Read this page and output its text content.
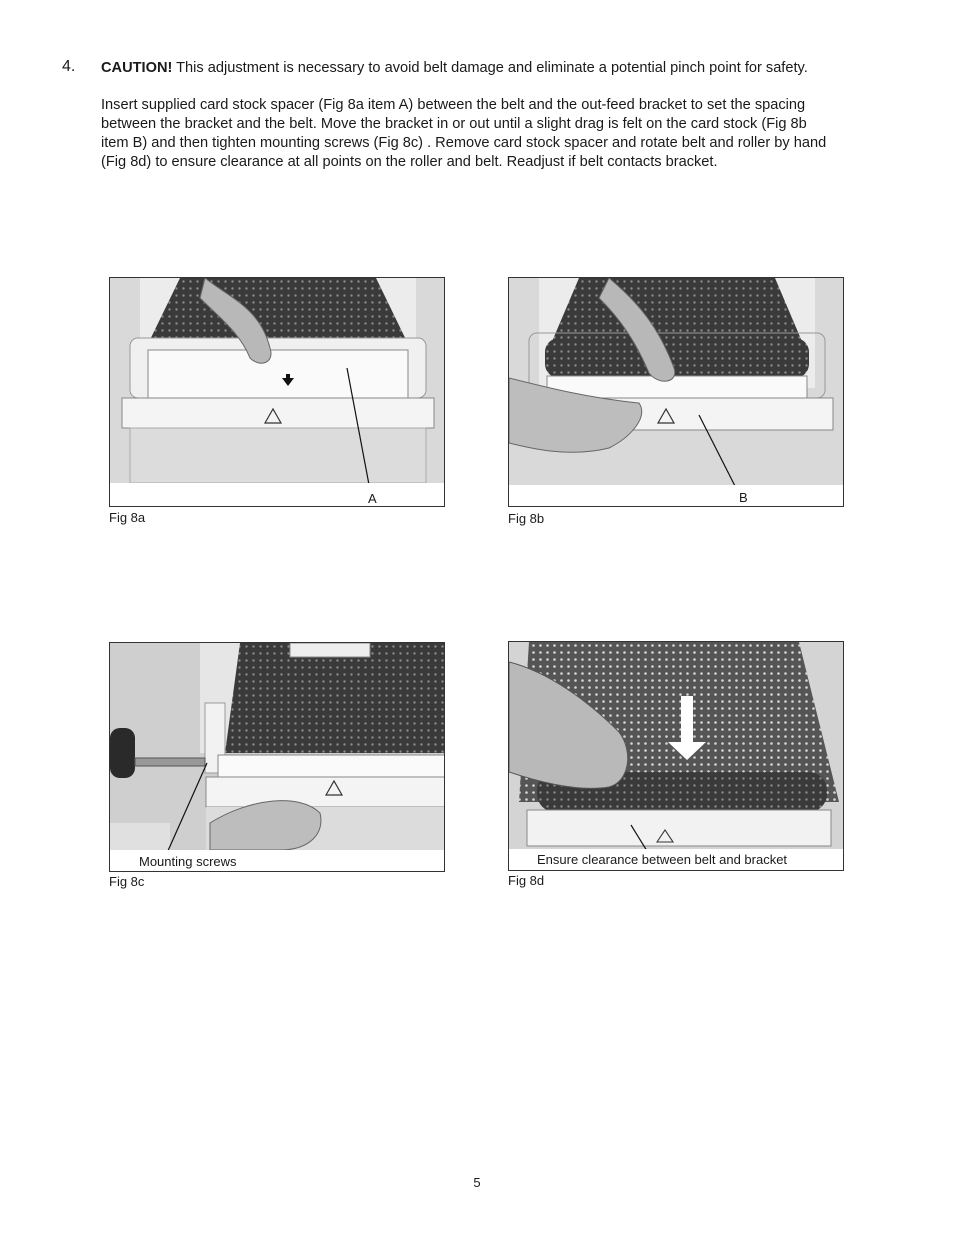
4. CAUTION! This adjustment is necessary to avoid belt damage and eliminate a potential pinch point for safety.
Insert supplied card stock spacer (Fig 8a item A) between the belt and the out-feed bracket to set the spacing
between the bracket and the belt. Move the bracket in or out until a slight drag is felt on the card stock (Fig 8b
item B) and then tighten mounting screws (Fig 8c) . Remove card stock spacer and rotate belt and roller by hand
(Fig 8d) to ensure clearance at all points on the roller and belt. Readjust if belt contacts bracket.
A
Fig 8a
B
Fig 8b
Mounting screws
Fig 8c
Ensure clearance between belt and bracket
Fig 8d
5
